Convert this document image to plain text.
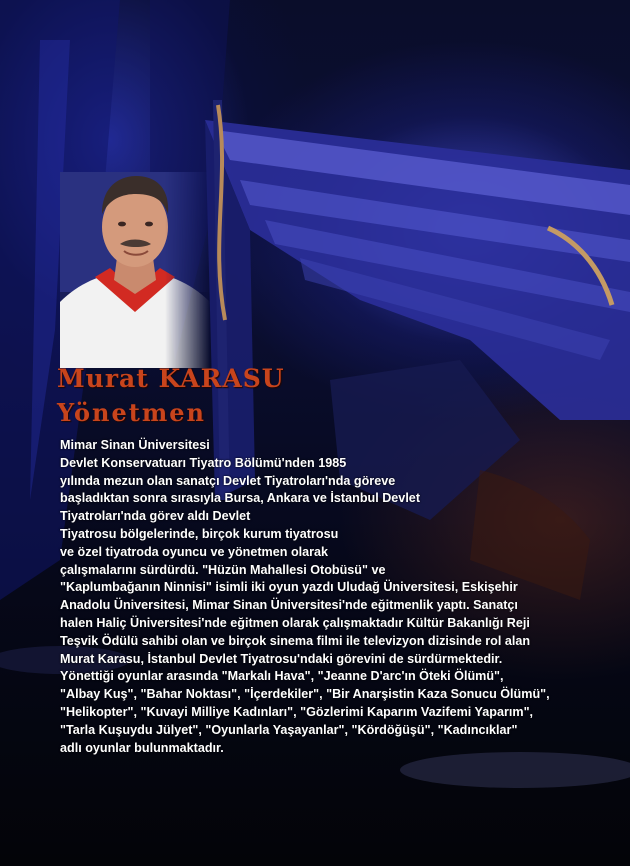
Murat KARASU
Yönetmen
Mimar Sinan Üniversitesi
Devlet Konservatuarı Tiyatro Bölümü'nden 1985
yılında mezun olan sanatçı Devlet Tiyatroları'nda göreve
başladıktan sonra sırasıyla Bursa, Ankara ve İstanbul Devlet
Tiyatroları'nda görev aldı Devlet
Tiyatrosu bölgelerinde, birçok kurum tiyatrosu
ve özel tiyatroda oyuncu ve yönetmen olarak
çalışmalarını sürdürdü. "Hüzün Mahallesi Otobüsü" ve
"Kaplumbağanın Ninnisi" isimli iki oyun yazdı Uludağ Üniversitesi, Eskişehir
Anadolu Üniversitesi, Mimar Sinan Üniversitesi'nde eğitmenlik yaptı. Sanatçı
halen Haliç Üniversitesi'nde eğitmen olarak çalışmaktadır Kültür Bakanlığı Reji
Teşvik Ödülü sahibi olan ve birçok sinema filmi ile televizyon dizisinde rol alan
Murat Karasu, İstanbul Devlet Tiyatrosu'ndaki görevini de sürdürmektedir.
Yönettiği oyunlar arasında "Markalı Hava", "Jeanne D'arc'ın Öteki Ölümü",
"Albay Kuş", "Bahar Noktası", "İçerdekiler", "Bir Anarşistin Kaza Sonucu Ölümü",
"Helikopter", "Kuvayi Milliye Kadınları", "Gözlerimi Kaparım Vazifemi Yaparım",
"Tarla Kuşuydu Jülyet", "Oyunlarla Yaşayanlar", "Kördöğüşü", "Kadıncıklar"
adlı oyunlar bulunmaktadır.
